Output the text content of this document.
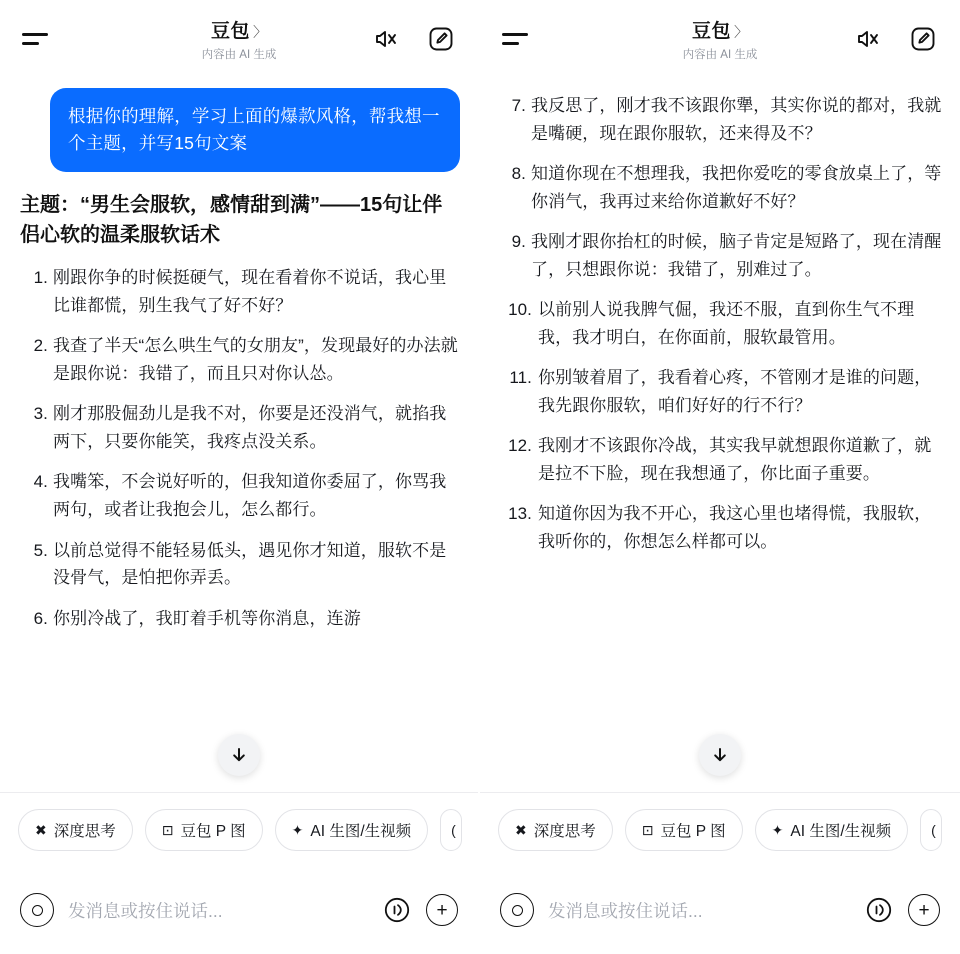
豆包 〉
内容由 AI 生成
根据你的理解，学习上面的爆款风格，帮我想一个主题，并写15句文案
主题：“男生会服软，感情甜到满”——15句让伴侣心软的温柔服软话术
刚跟你争的时候挺硬气，现在看着你不说话，我心里比谁都慌，别生我气了好不好？
我查了半天“怎么哄生气的女朋友”，发现最好的办法就是跟你说：我错了，而且只对你认怂。
刚才那股倔劲儿是我不对，你要是还没消气，就掐我两下，只要你能笑，我疼点没关系。
我嘴笨，不会说好听的，但我知道你委屈了，你骂我两句，或者让我抱会儿，怎么都行。
以前总觉得不能轻易低头，遇见你才知道，服软不是没骨气，是怕把你弄丢。
你别冷战了，我盯着手机等你消息，连游
✖ 深度思考	⊡ 豆包 P 图	✦ AI 生图/生视频	(
发消息或按住说话...	+
豆包 〉
内容由 AI 生成
我反思了，刚才我不该跟你犟，其实你说的都对，我就是嘴硬，现在跟你服软，还来得及不？
知道你现在不想理我，我把你爱吃的零食放桌上了，等你消气，我再过来给你道歉好不好？
我刚才跟你抬杠的时候，脑子肯定是短路了，现在清醒了，只想跟你说：我错了，别难过了。
以前别人说我脾气倔，我还不服，直到你生气不理我，我才明白，在你面前，服软最管用。
你别皱着眉了，我看着心疼，不管刚才是谁的问题，我先跟你服软，咱们好好的行不行？
我刚才不该跟你冷战，其实我早就想跟你道歉了，就是拉不下脸，现在我想通了，你比面子重要。
知道你因为我不开心，我这心里也堵得慌，我服软，我听你的，你想怎么样都可以。
✖ 深度思考	⊡ 豆包 P 图	✦ AI 生图/生视频	(
发消息或按住说话...	+
